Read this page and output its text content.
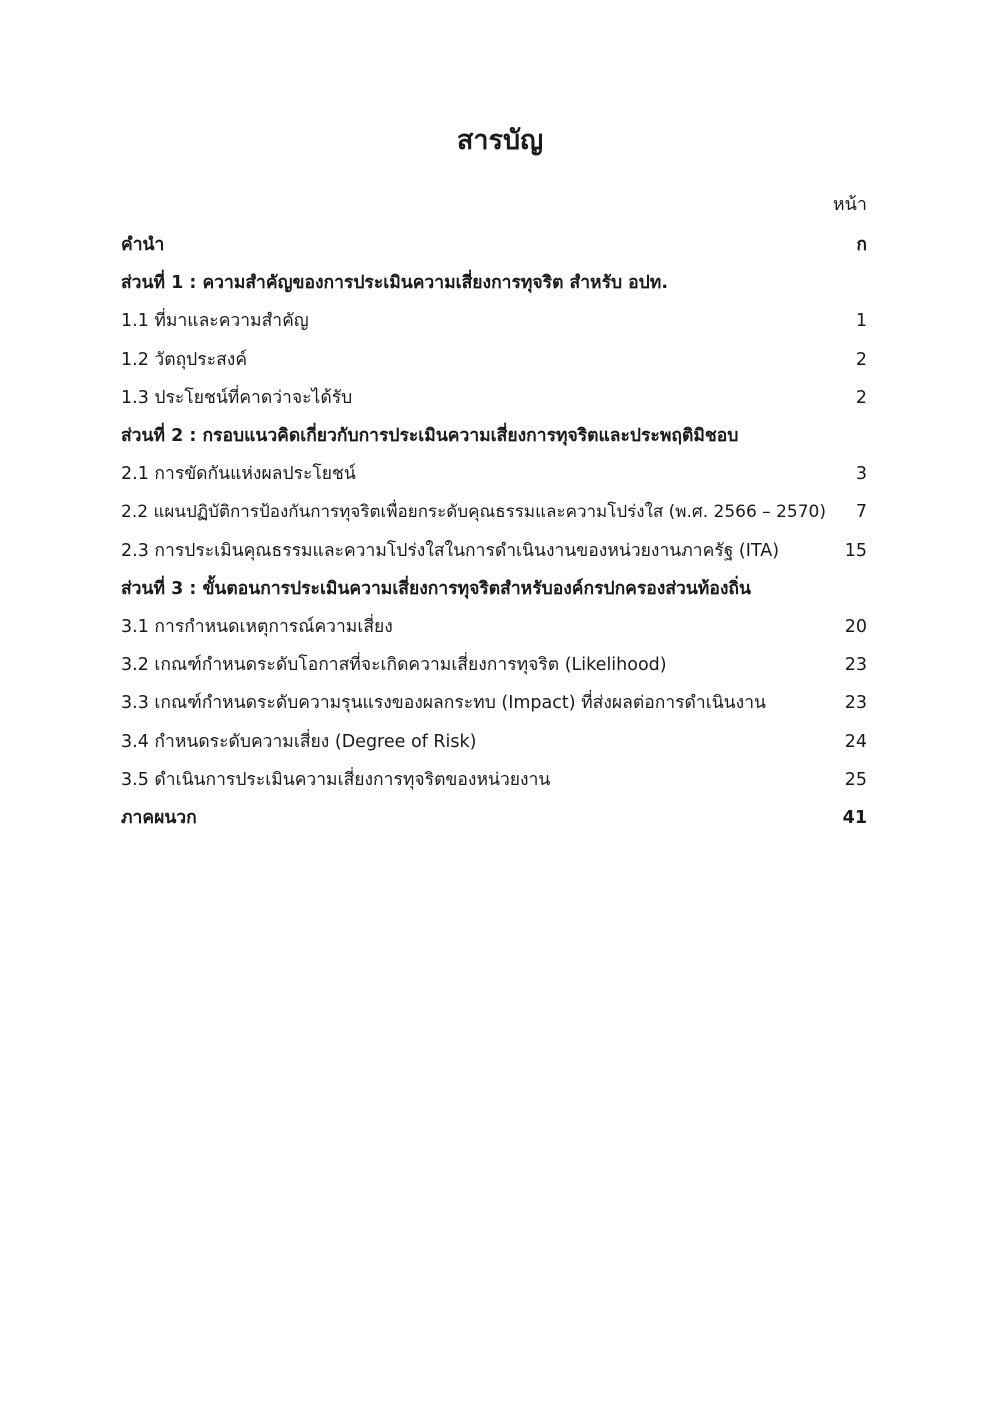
สารบัญ
หน้า
คำนำ	ก
ส่วนที่ 1 : ความสำคัญของการประเมินความเสี่ยงการทุจริต สำหรับ อปท.
1.1 ที่มาและความสำคัญ	1
1.2 วัตถุประสงค์	2
1.3 ประโยชน์ที่คาดว่าจะได้รับ	2
ส่วนที่ 2 : กรอบแนวคิดเกี่ยวกับการประเมินความเสี่ยงการทุจริตและประพฤติมิชอบ
2.1 การขัดกันแห่งผลประโยชน์	3
2.2 แผนปฏิบัติการป้องกันการทุจริตเพื่อยกระดับคุณธรรมและความโปร่งใส (พ.ศ. 2566 – 2570)	7
2.3 การประเมินคุณธรรมและความโปร่งใสในการดำเนินงานของหน่วยงานภาครัฐ (ITA)	15
ส่วนที่ 3 : ขั้นตอนการประเมินความเสี่ยงการทุจริตสำหรับองค์กรปกครองส่วนท้องถิ่น
3.1 การกำหนดเหตุการณ์ความเสี่ยง	20
3.2 เกณฑ์กำหนดระดับโอกาสที่จะเกิดความเสี่ยงการทุจริต (Likelihood)	23
3.3 เกณฑ์กำหนดระดับความรุนแรงของผลกระทบ (Impact) ที่ส่งผลต่อการดำเนินงาน	23
3.4 กำหนดระดับความเสี่ยง (Degree of Risk)	24
3.5 ดำเนินการประเมินความเสี่ยงการทุจริตของหน่วยงาน	25
ภาคผนวก	41
